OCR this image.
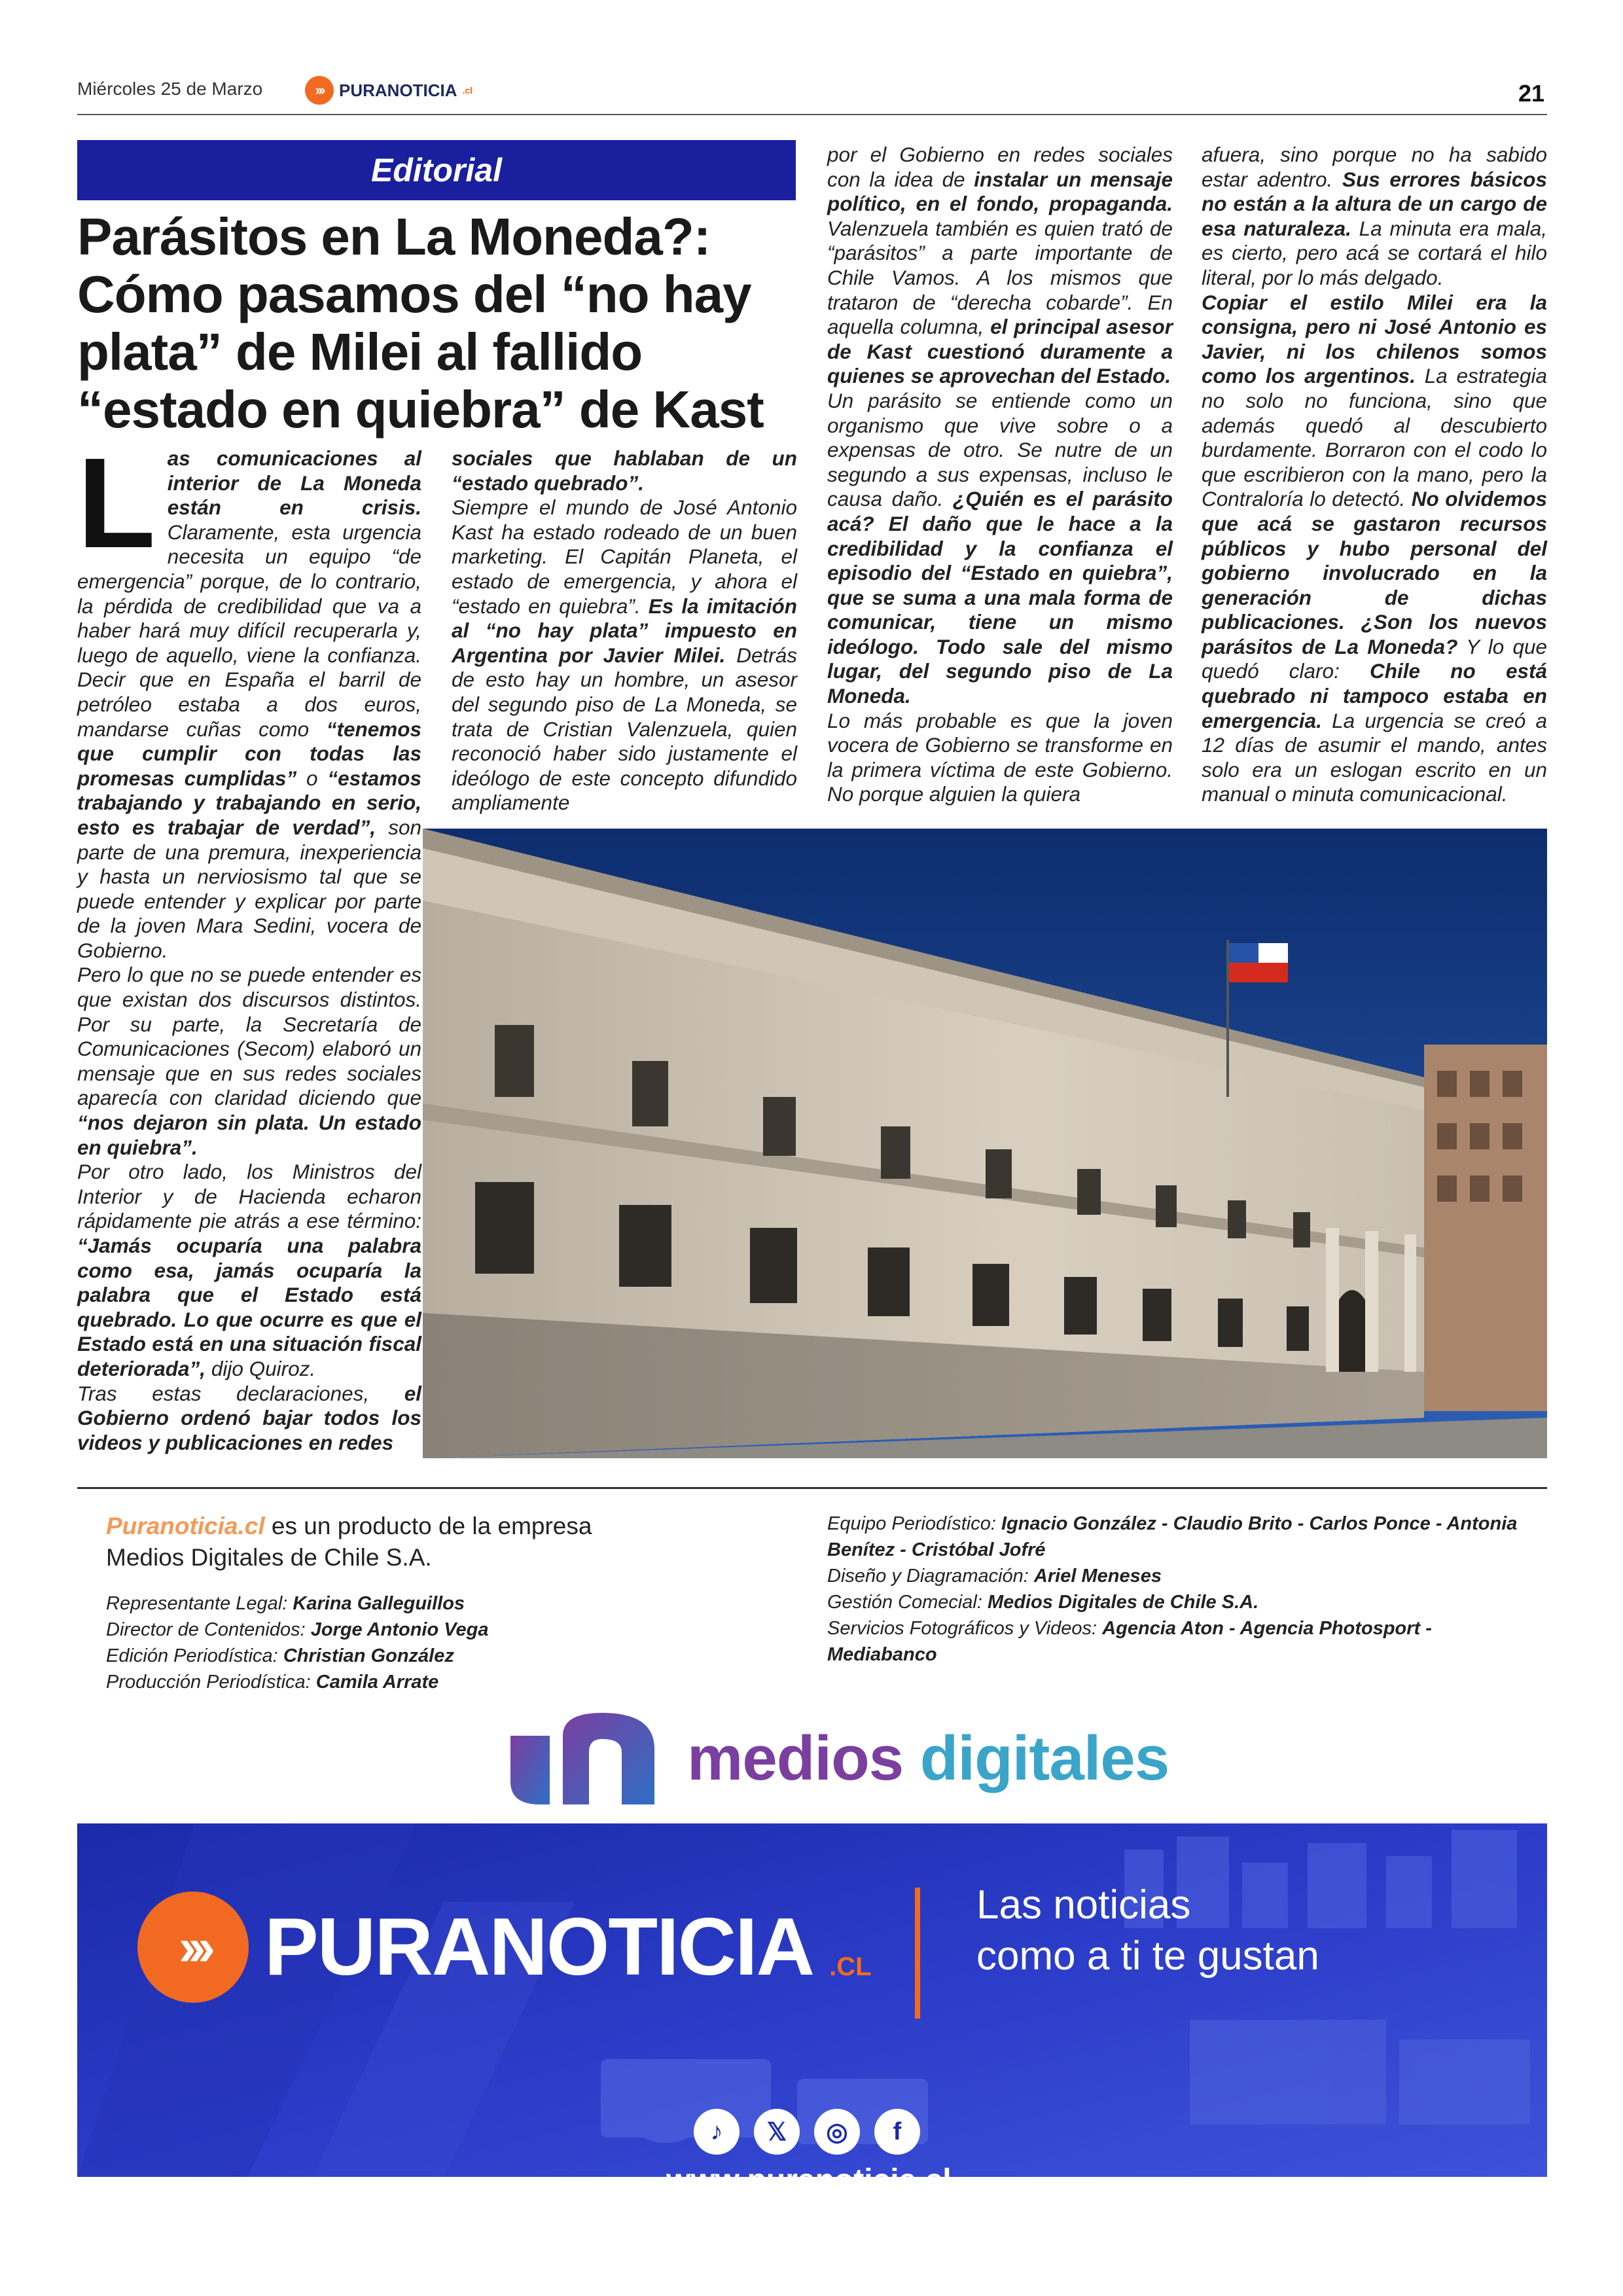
Miércoles 25 de Marzo	››› PURANOTICIA .cl	21
Editorial
Parásitos en La Moneda?: Cómo pasamos del “no hay plata” de Milei al fallido “estado en quiebra” de Kast
Las comunicaciones al interior de La Moneda están en crisis. Claramente, esta urgencia necesita un equipo “de emergencia” porque, de lo contrario, la pérdida de credibilidad que va a haber hará muy difícil recuperarla y, luego de aquello, viene la confianza. Decir que en España el barril de petróleo estaba a dos euros, mandarse cuñas como “tenemos que cumplir con todas las promesas cumplidas” o “estamos trabajando y trabajando en serio, esto es trabajar de verdad”, son parte de una premura, inexperiencia y hasta un nerviosismo tal que se puede entender y explicar por parte de la joven Mara Sedini, vocera de Gobierno.
Pero lo que no se puede entender es que existan dos discursos distintos. Por su parte, la Secretaría de Comunicaciones (Secom) elaboró un mensaje que en sus redes sociales aparecía con claridad diciendo que “nos dejaron sin plata. Un estado en quiebra”.
Por otro lado, los Ministros del Interior y de Hacienda echaron rápidamente pie atrás a ese término: “Jamás ocuparía una palabra como esa, jamás ocuparía la palabra que el Estado está quebrado. Lo que ocurre es que el Estado está en una situación fiscal deteriorada”, dijo Quiroz.
Tras estas declaraciones, el Gobierno ordenó bajar todos los videos y publicaciones en redes
sociales que hablaban de un “estado quebrado”.
Siempre el mundo de José Antonio Kast ha estado rodeado de un buen marketing. El Capitán Planeta, el estado de emergencia, y ahora el “estado en quiebra”. Es la imitación al “no hay plata” impuesto en Argentina por Javier Milei. Detrás de esto hay un hombre, un asesor del segundo piso de La Moneda, se trata de Cristian Valenzuela, quien reconoció haber sido justamente el ideólogo de este concepto difundido ampliamente
por el Gobierno en redes sociales con la idea de instalar un mensaje político, en el fondo, propaganda. Valenzuela también es quien trató de “parásitos” a parte importante de Chile Vamos. A los mismos que trataron de “derecha cobarde”. En aquella columna, el principal asesor de Kast cuestionó duramente a quienes se aprovechan del Estado.
Un parásito se entiende como un organismo que vive sobre o a expensas de otro. Se nutre de un segundo a sus expensas, incluso le causa daño. ¿Quién es el parásito acá? El daño que le hace a la credibilidad y la confianza el episodio del “Estado en quiebra”, que se suma a una mala forma de comunicar, tiene un mismo ideólogo. Todo sale del mismo lugar, del segundo piso de La Moneda.
Lo más probable es que la joven vocera de Gobierno se transforme en la primera víctima de este Gobierno. No porque alguien la quiera
afuera, sino porque no ha sabido estar adentro. Sus errores básicos no están a la altura de un cargo de esa naturaleza. La minuta era mala, es cierto, pero acá se cortará el hilo literal, por lo más delgado.
Copiar el estilo Milei era la consigna, pero ni José Antonio es Javier, ni los chilenos somos como los argentinos. La estrategia no solo no funciona, sino que además quedó al descubierto burdamente. Borraron con el codo lo que escribieron con la mano, pero la Contraloría lo detectó. No olvidemos que acá se gastaron recursos públicos y hubo personal del gobierno involucrado en la generación de dichas publicaciones. ¿Son los nuevos parásitos de La Moneda? Y lo que quedó claro: Chile no está quebrado ni tampoco estaba en emergencia. La urgencia se creó a 12 días de asumir el mando, antes solo era un eslogan escrito en un manual o minuta comunicacional.
Puranoticia.cl es un producto de la empresa
Medios Digitales de Chile S.A.
Representante Legal: Karina Galleguillos
Director de Contenidos: Jorge Antonio Vega
Edición Periodística: Christian González
Producción Periodística: Camila Arrate
Equipo Periodístico: Ignacio González - Claudio Brito - Carlos Ponce - Antonia Benítez - Cristóbal Jofré
Diseño y Diagramación: Ariel Meneses
Gestión Comecial: Medios Digitales de Chile S.A.
Servicios Fotográficos y Videos: Agencia Aton - Agencia Photosport - Mediabanco
medios digitales
››› PURANOTICIA .CL
Las noticias
como a ti te gustan
♪	𝕏	◎	f
www.puranoticia.cl
